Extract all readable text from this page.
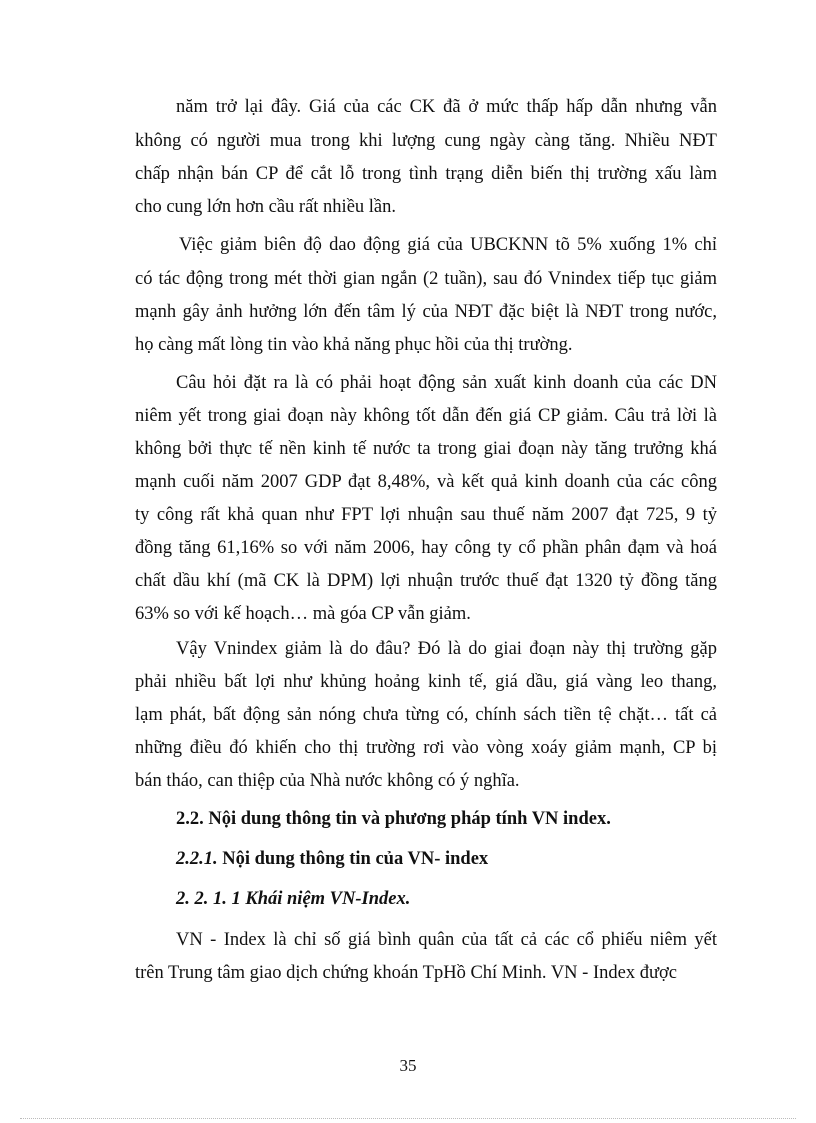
năm trở lại đây. Giá của các CK đã ở mức thấp hấp dẫn nhưng vẫn
không có người mua trong khi lượng cung ngày càng tăng. Nhiều NĐT
chấp nhận bán CP để cắt lỗ trong tình trạng diễn biến thị trường xấu làm
cho cung lớn hơn cầu rất nhiều lần.
Việc giảm biên độ dao động giá của UBCKNN tõ 5% xuống 1% chỉ
có tác động trong mét thời gian ngắn (2 tuần), sau đó Vnindex tiếp tục giảm
mạnh gây ảnh hưởng lớn đến tâm lý của NĐT đặc biệt là NĐT trong nước,
họ càng mất lòng tin vào khả năng phục hồi của thị trường.
Câu hỏi đặt ra là có phải hoạt động sản xuất kinh doanh của các DN
niêm yết trong giai đoạn này không tốt dẫn đến giá CP giảm. Câu trả lời là
không bởi thực tế nền kinh tế nước ta trong giai đoạn này tăng trưởng khá
mạnh cuối năm 2007 GDP đạt 8,48%, và kết quả kinh doanh của các công
ty công rất khả quan như FPT lợi nhuận sau thuế năm 2007 đạt 725, 9 tỷ
đồng tăng 61,16% so với năm 2006, hay công ty cổ phần phân đạm và hoá
chất dầu khí (mã CK là DPM) lợi nhuận trước thuế đạt 1320 tỷ đồng tăng
63% so với kế hoạch… mà góa CP vẫn giảm.
Vậy Vnindex giảm là do đâu? Đó là do giai đoạn này thị trường gặp
phải nhiều bất lợi như khủng hoảng kinh tế, giá dầu, giá vàng leo thang,
lạm phát, bất động sản nóng chưa từng có, chính sách tiền tệ chặt… tất cả
những điều đó khiến cho thị trường rơi vào vòng xoáy giảm mạnh, CP bị
bán tháo, can thiệp của Nhà nước không có ý nghĩa.
2.2. Nội dung thông tin và phương pháp tính VN index.
2.2.1. Nội dung thông tin của VN- index
2. 2. 1. 1 Khái niệm VN-Index.
VN - Index là chỉ số giá bình quân của tất cả các cổ phiếu niêm yết
trên Trung tâm giao dịch chứng khoán TpHồ Chí Minh. VN - Index được
35
